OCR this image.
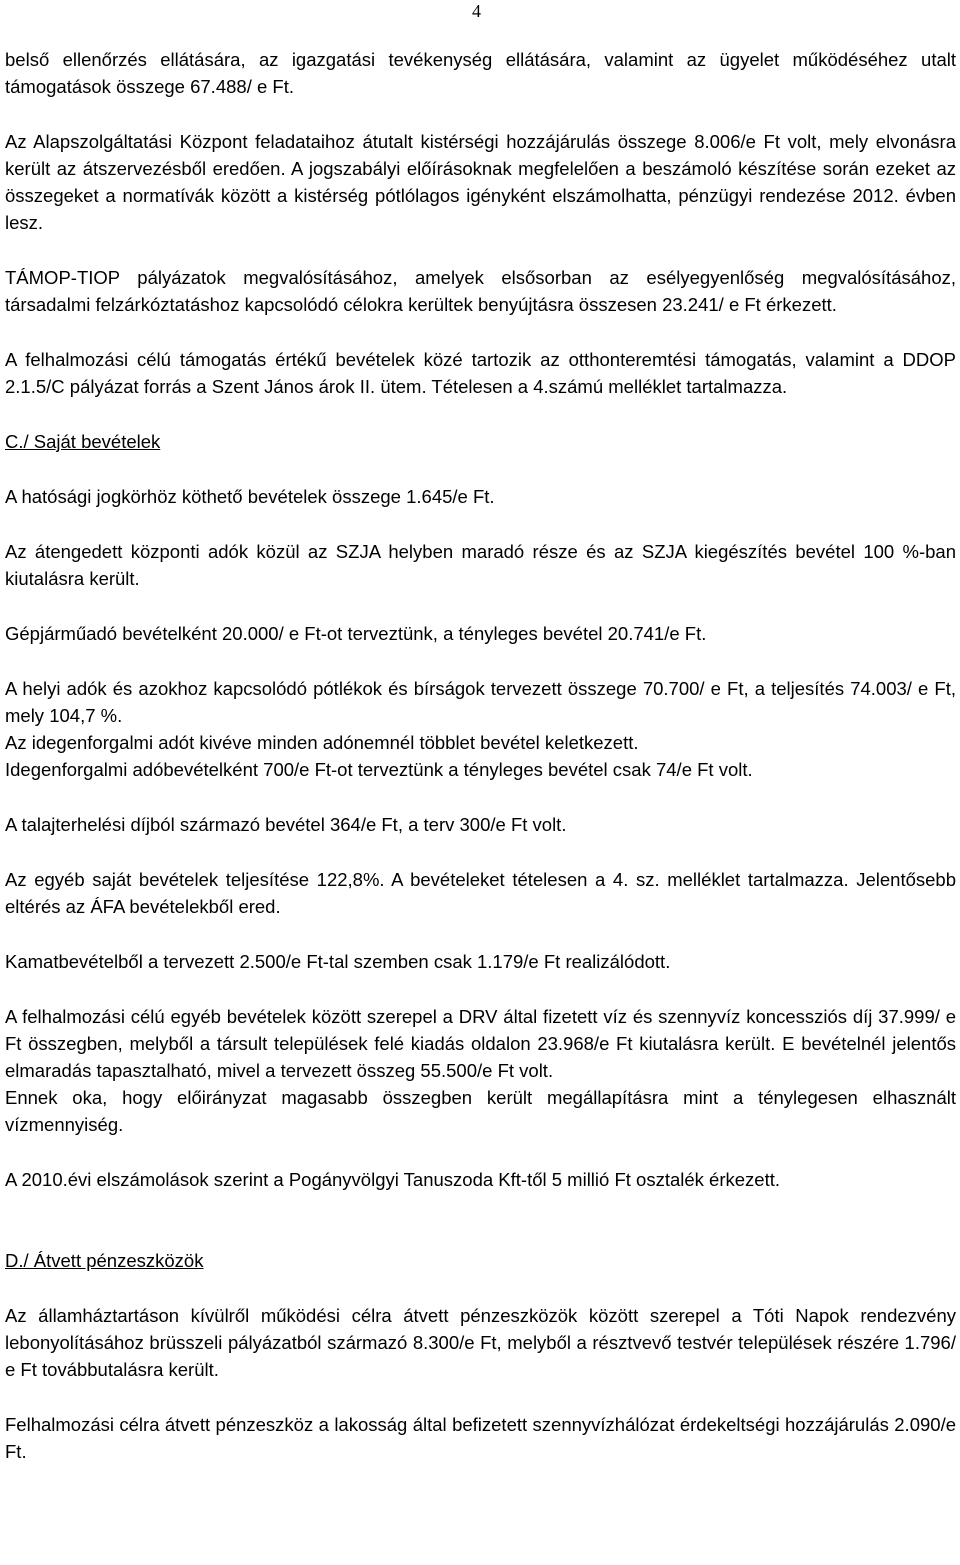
4

belső ellenőrzés ellátására, az igazgatási tevékenység ellátására, valamint az ügyelet működéséhez utalt támogatások összege 67.488/ e Ft.

Az Alapszolgáltatási Központ feladataihoz átutalt kistérségi hozzájárulás összege 8.006/e Ft volt, mely elvonásra került az átszervezésből eredően. A jogszabályi előírásoknak megfelelően a beszámoló készítése során ezeket az összegeket a normatívák között a kistérség pótlólagos igényként elszámolhatta, pénzügyi rendezése 2012. évben lesz.

TÁMOP-TIOP pályázatok megvalósításához, amelyek elsősorban az esélyegyenlőség megvalósításához, társadalmi felzárkóztatáshoz kapcsolódó célokra kerültek benyújtásra összesen 23.241/ e Ft érkezett.

A felhalmozási célú támogatás értékű bevételek közé tartozik az otthonteremtési támogatás, valamint a DDOP 2.1.5/C pályázat forrás a Szent János árok II. ütem. Tételesen a 4.számú melléklet tartalmazza.

C./ Saját bevételek

A hatósági jogkörhöz köthető bevételek összege 1.645/e Ft.

Az átengedett központi adók közül az SZJA helyben maradó része és az SZJA kiegészítés bevétel 100 %-ban kiutalásra került.

Gépjárműadó bevételként 20.000/ e Ft-ot terveztünk, a tényleges bevétel 20.741/e Ft.

A helyi adók és azokhoz kapcsolódó pótlékok és bírságok tervezett összege 70.700/ e Ft, a teljesítés 74.003/ e Ft, mely 104,7 %.

Az idegenforgalmi adót kivéve minden adónemnél többlet bevétel keletkezett.

Idegenforgalmi adóbevételként 700/e Ft-ot terveztünk a tényleges bevétel csak 74/e Ft volt.

A talajterhelési díjból származó bevétel 364/e Ft, a terv 300/e Ft volt.

Az egyéb saját bevételek teljesítése 122,8%. A bevételeket tételesen a 4. sz. melléklet tartalmazza. Jelentősebb eltérés az ÁFA bevételekből ered.

Kamatbevételből a tervezett 2.500/e Ft-tal szemben csak 1.179/e Ft realizálódott.

A felhalmozási célú egyéb bevételek között szerepel a DRV által fizetett víz és szennyvíz koncessziós díj 37.999/ e Ft összegben, melyből a társult települések felé kiadás oldalon 23.968/e Ft kiutalásra került. E bevételnél jelentős elmaradás tapasztalható, mivel a tervezett összeg 55.500/e Ft volt.

Ennek oka, hogy előirányzat magasabb összegben került megállapításra mint a ténylegesen elhasznált vízmennyiség.

A 2010.évi elszámolások szerint a Pogányvölgyi Tanuszoda Kft-től 5 millió Ft osztalék érkezett.

D./ Átvett pénzeszközök

Az államháztartáson kívülről működési célra átvett pénzeszközök között szerepel a Tóti Napok rendezvény lebonyolításához brüsszeli pályázatból származó 8.300/e Ft, melyből a résztvevő testvér települések részére 1.796/ e Ft továbbutalásra került.

Felhalmozási célra átvett pénzeszköz a lakosság által befizetett szennyvízhálózat érdekeltségi hozzájárulás 2.090/e Ft.
